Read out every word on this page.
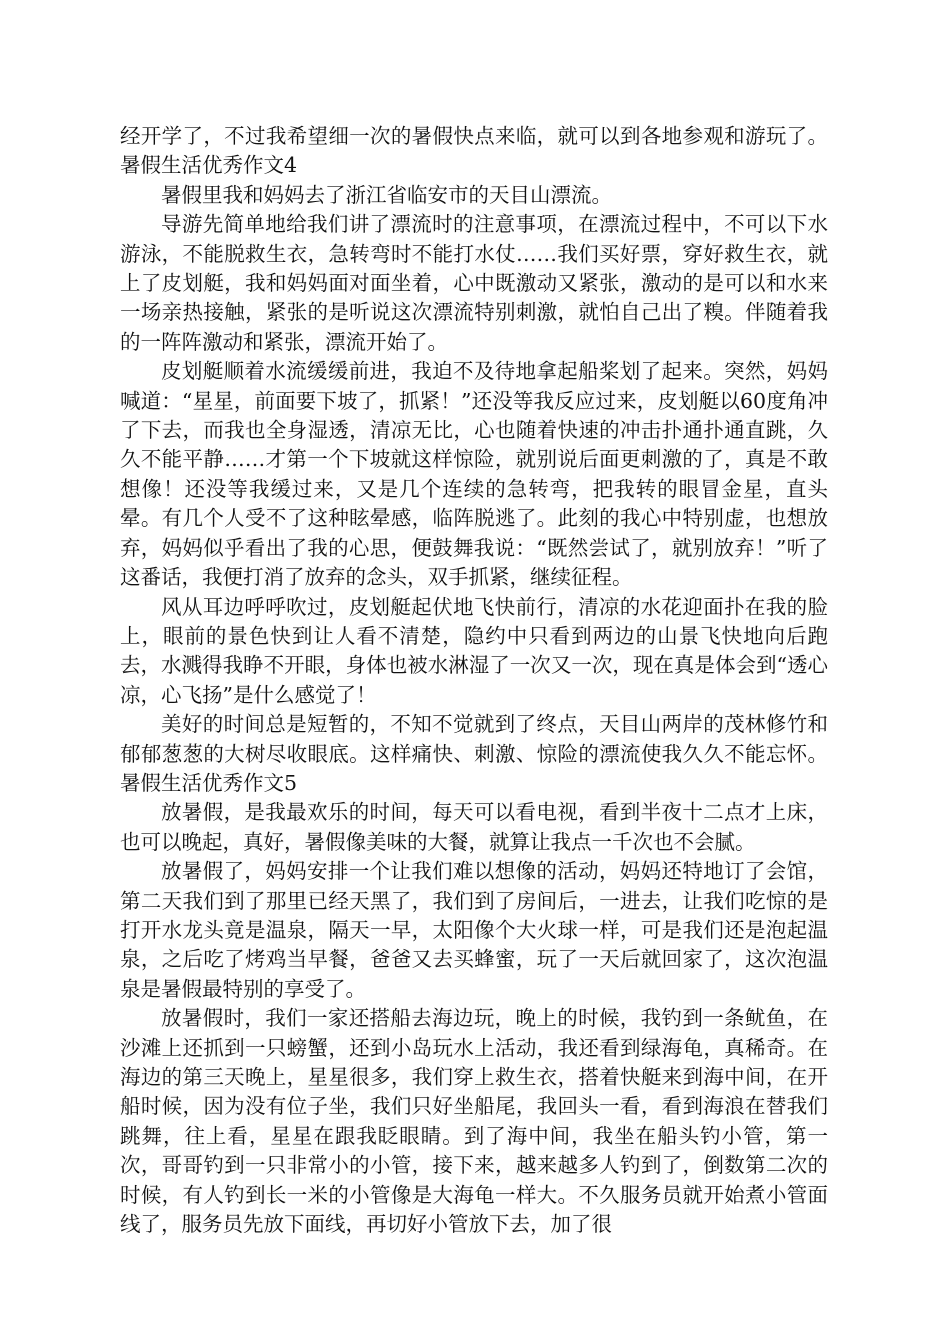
经开学了，不过我希望细一次的暑假快点来临，就可以到各地参观和游玩了。暑假生活优秀作文4

暑假里我和妈妈去了浙江省临安市的天目山漂流。

导游先简单地给我们讲了漂流时的注意事项，在漂流过程中，不可以下水游泳，不能脱救生衣，急转弯时不能打水仗……我们买好票，穿好救生衣，就上了皮划艇，我和妈妈面对面坐着，心中既激动又紧张，激动的是可以和水来一场亲热接触，紧张的是听说这次漂流特别刺激，就怕自己出了糗。伴随着我的一阵阵激动和紧张，漂流开始了。

皮划艇顺着水流缓缓前进，我迫不及待地拿起船桨划了起来。突然，妈妈喊道：“星星，前面要下坡了，抓紧！”还没等我反应过来，皮划艇以60度角冲了下去，而我也全身湿透，清凉无比，心也随着快速的冲击扑通扑通直跳，久久不能平静……才第一个下坡就这样惊险，就别说后面更刺激的了，真是不敢想像！还没等我缓过来，又是几个连续的急转弯，把我转的眼冒金星，直头晕。有几个人受不了这种眩晕感，临阵脱逃了。此刻的我心中特别虚，也想放弃，妈妈似乎看出了我的心思，便鼓舞我说：“既然尝试了，就别放弃！”听了这番话，我便打消了放弃的念头，双手抓紧，继续征程。

风从耳边呼呼吹过，皮划艇起伏地飞快前行，清凉的水花迎面扑在我的脸上，眼前的景色快到让人看不清楚，隐约中只看到两边的山景飞快地向后跑去，水溅得我睁不开眼，身体也被水淋湿了一次又一次，现在真是体会到“透心凉，心飞扬”是什么感觉了！

美好的时间总是短暂的，不知不觉就到了终点，天目山两岸的茂林修竹和郁郁葱葱的大树尽收眼底。这样痛快、刺激、惊险的漂流使我久久不能忘怀。暑假生活优秀作文5

放暑假，是我最欢乐的时间，每天可以看电视，看到半夜十二点才上床，也可以晚起，真好，暑假像美味的大餐，就算让我点一千次也不会腻。

放暑假了，妈妈安排一个让我们难以想像的活动，妈妈还特地订了会馆，第二天我们到了那里已经天黑了，我们到了房间后，一进去，让我们吃惊的是打开水龙头竟是温泉，隔天一早，太阳像个大火球一样，可是我们还是泡起温泉，之后吃了烤鸡当早餐，爸爸又去买蜂蜜，玩了一天后就回家了，这次泡温泉是暑假最特别的享受了。

放暑假时，我们一家还搭船去海边玩，晚上的时候，我钓到一条鱿鱼，在沙滩上还抓到一只螃蟹，还到小岛玩水上活动，我还看到绿海龟，真稀奇。在海边的第三天晚上，星星很多，我们穿上救生衣，搭着快艇来到海中间，在开船时候，因为没有位子坐，我们只好坐船尾，我回头一看，看到海浪在替我们跳舞，往上看，星星在跟我眨眼睛。到了海中间，我坐在船头钓小管，第一次，哥哥钓到一只非常小的小管，接下来，越来越多人钓到了，倒数第二次的时候，有人钓到长一米的小管像是大海龟一样大。不久服务员就开始煮小管面线了，服务员先放下面线，再切好小管放下去，加了很
